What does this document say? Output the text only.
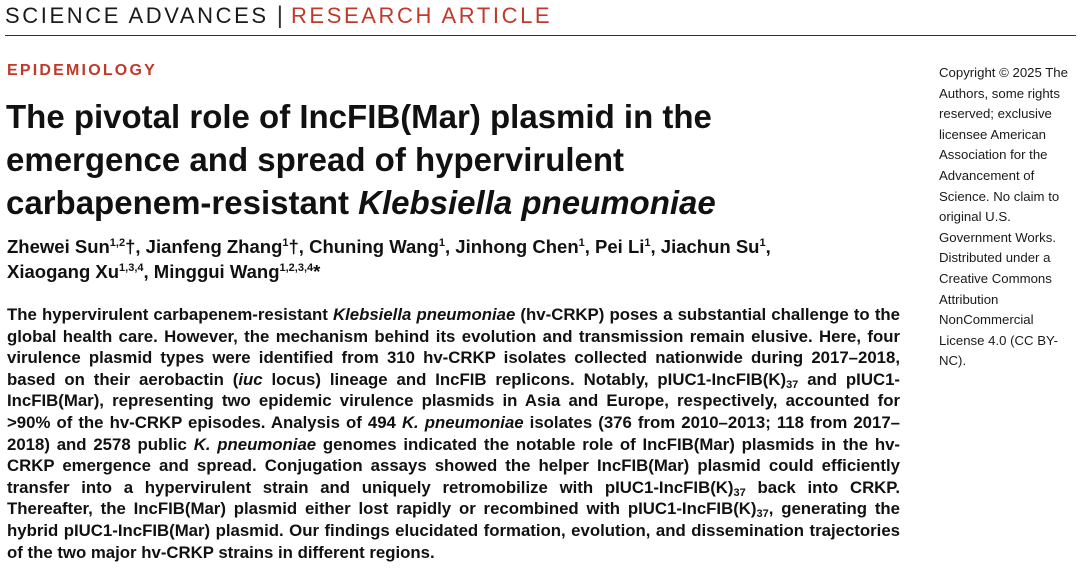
SCIENCE ADVANCES | RESEARCH ARTICLE
EPIDEMIOLOGY
The pivotal role of IncFIB(Mar) plasmid in the
emergence and spread of hypervirulent
carbapenem-resistant Klebsiella pneumoniae
Zhewei Sun$^{1,2}$†, Jianfeng Zhang$^1$†, Chuning Wang$^1$, Jinhong Chen$^1$, Pei Li$^1$, Jiachun Su$^1$,
Xiaogang Xu$^{1,3,4}$, Minggui Wang$^{1,2,3,4}$*

The hypervirulent carbapenem-resistant Klebsiella pneumoniae (hv-CRKP) poses a substantial challenge to the global health care. However, the mechanism behind its evolution and transmission remain elusive. Here, four virulence plasmid types were identified from 310 hv-CRKP isolates collected nationwide during 2017–2018, based on their aerobactin (iuc locus) lineage and IncFIB replicons. Notably, $pIUC1-IncFIB(K)_{37}$ and pIUC1-IncFIB(Mar), representing two epidemic virulence plasmids in Asia and Europe, respectively, accounted for >90% of the hv-CRKP episodes. Analysis of 494 K. pneumoniae isolates (376 from 2010–2013; 118 from 2017–2018) and 2578 public K. pneumoniae genomes indicated the notable role of IncFIB(Mar) plasmids in the hv-CRKP emergence and spread. Conjugation assays showed the helper IncFIB(Mar) plasmid could efficiently transfer into a hypervirulent strain and uniquely retromobilize with $pIUC1-IncFIB(K)_{37}$ back into CRKP. Thereafter, the IncFIB(Mar) plasmid either lost rapidly or recombined with $pIUC1-IncFIB(K)_{37}$, generating the hybrid pIUC1-IncFIB(Mar) plasmid. Our findings elucidated formation, evolution, and dissemination trajectories of the two major hv-CRKP strains in different regions.

Copyright © 2025 The Authors, some rights reserved; exclusive licensee American Association for the Advancement of Science. No claim to original U.S. Government Works. Distributed under a Creative Commons Attribution NonCommercial License 4.0 (CC BY-NC).
